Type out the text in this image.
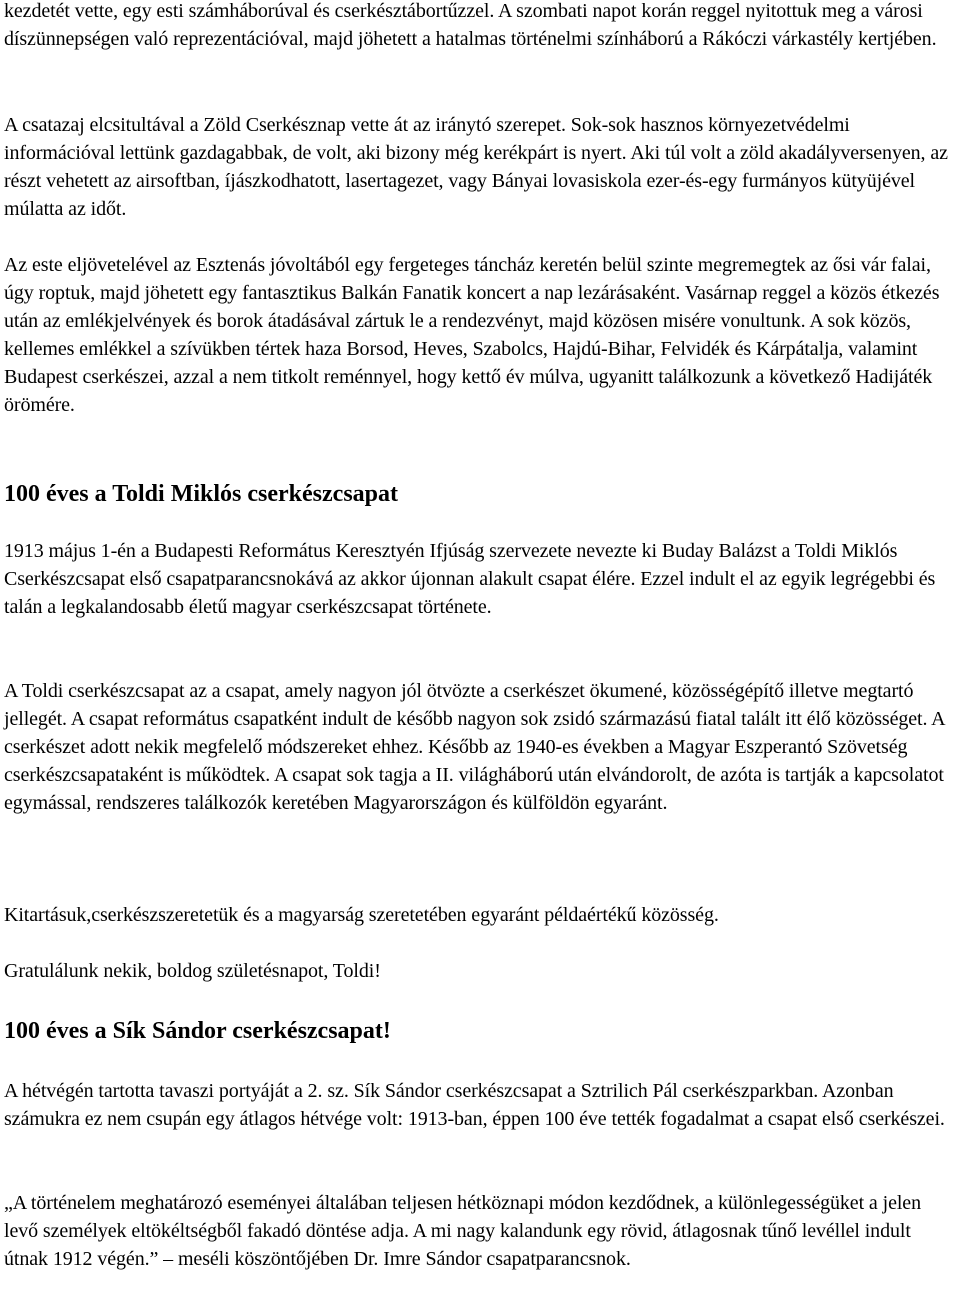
kezdetét vette, egy esti számháborúval és cserkésztábortűzzel. A szombati napot korán reggel nyitottuk meg a városi díszünnepségen való reprezentációval, majd jöhetett a hatalmas történelmi színháború a Rákóczi várkastély kertjében.

A csatazaj elcsitultával a Zöld Cserkésznap vette át az iránytó szerepet. Sok-sok hasznos környezetvédelmi információval lettünk gazdagabbak, de volt, aki bizony még kerékpárt is nyert. Aki túl volt a zöld akadályversenyen, az részt vehetett az airsoftban, íjászkodhatott, lasertagezet, vagy Bányai lovasiskola ezer-és-egy furmányos kütyüjével múlatta az időt.

Az este eljövetelével az Esztenás jóvoltából egy fergeteges táncház keretén belül szinte megremegtek az ősi vár falai, úgy roptuk, majd jöhetett egy fantasztikus Balkán Fanatik koncert a nap lezárásaként. Vasárnap reggel a közös étkezés után az emlékjelvények és borok átadásával zártuk le a rendezvényt, majd közösen misére vonultunk. A sok közös, kellemes emlékkel a szívükben tértek haza Borsod, Heves, Szabolcs, Hajdú-Bihar, Felvidék és Kárpátalja, valamint Budapest cserkészei, azzal a nem titkolt reménnyel, hogy kettő év múlva, ugyanitt találkozunk a következő Hadijáték örömére.

100 éves a Toldi Miklós cserkészcsapat

1913 május 1-én a Budapesti Református Keresztyén Ifjúság szervezete nevezte ki Buday Balázst a Toldi Miklós Cserkészcsapat első csapatparancsnokává az akkor újonnan alakult csapat élére. Ezzel indult el az egyik legrégebbi és talán a legkalandosabb életű magyar cserkészcsapat története.

A Toldi cserkészcsapat az a csapat, amely nagyon jól ötvözte a cserkészet ökumené, közösségépítő illetve megtartó jellegét. A csapat református csapatként indult de később nagyon sok zsidó származású fiatal talált itt élő közösséget. A cserkészet adott nekik megfelelő módszereket ehhez. Később az 1940-es években a Magyar Eszperantó Szövetség cserkészcsapataként is működtek. A csapat sok tagja a II. világháború után elvándorolt, de azóta is tartják a kapcsolatot egymással, rendszeres találkozók keretében Magyarországon és külföldön egyaránt.

Kitartásuk,cserkészszeretetük és a magyarság szeretetében egyaránt példaértékű közösség.

Gratulálunk nekik, boldog születésnapot, Toldi!

100 éves a Sík Sándor cserkészcsapat!

A hétvégén tartotta tavaszi portyáját a 2. sz. Sík Sándor cserkészcsapat a Sztrilich Pál cserkészparkban. Azonban számukra ez nem csupán egy átlagos hétvége volt: 1913-ban, éppen 100 éve tették fogadalmat a csapat első cserkészei.

„A történelem meghatározó eseményei általában teljesen hétköznapi módon kezdődnek, a különlegességüket a jelen levő személyek eltökéltségből fakadó döntése adja. A mi nagy kalandunk egy rövid, átlagosnak tűnő levéllel indult útnak 1912 végén.” – meséli köszöntőjében Dr. Imre Sándor csapatparancsnok.
